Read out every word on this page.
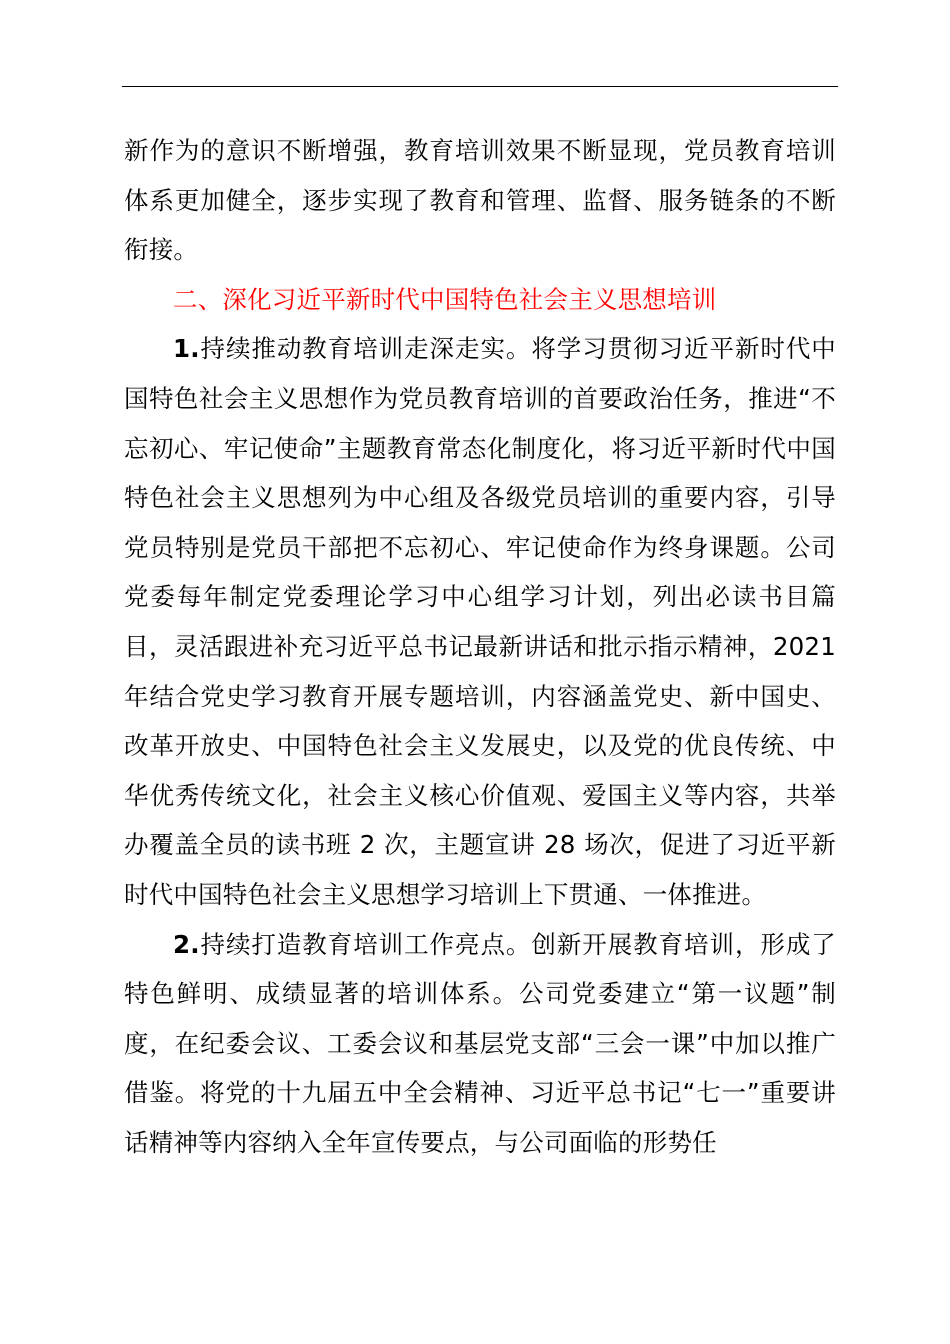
新作为的意识不断增强，教育培训效果不断显现，党员教育培训体系更加健全，逐步实现了教育和管理、监督、服务链条的不断衔接。

二、深化习近平新时代中国特色社会主义思想培训

1.持续推动教育培训走深走实。将学习贯彻习近平新时代中国特色社会主义思想作为党员教育培训的首要政治任务，推进“不忘初心、牢记使命”主题教育常态化制度化，将习近平新时代中国特色社会主义思想列为中心组及各级党员培训的重要内容，引导党员特别是党员干部把不忘初心、牢记使命作为终身课题。公司党委每年制定党委理论学习中心组学习计划，列出必读书目篇目，灵活跟进补充习近平总书记最新讲话和批示指示精神，2021 年结合党史学习教育开展专题培训，内容涵盖党史、新中国史、改革开放史、中国特色社会主义发展史，以及党的优良传统、中华优秀传统文化，社会主义核心价值观、爱国主义等内容，共举办覆盖全员的读书班 2 次，主题宣讲 28 场次，促进了习近平新时代中国特色社会主义思想学习培训上下贯通、一体推进。

2.持续打造教育培训工作亮点。创新开展教育培训，形成了特色鲜明、成绩显著的培训体系。公司党委建立“第一议题”制度，在纪委会议、工委会议和基层党支部“三会一课”中加以推广借鉴。将党的十九届五中全会精神、习近平总书记“七一”重要讲话精神等内容纳入全年宣传要点，与公司面临的形势任
